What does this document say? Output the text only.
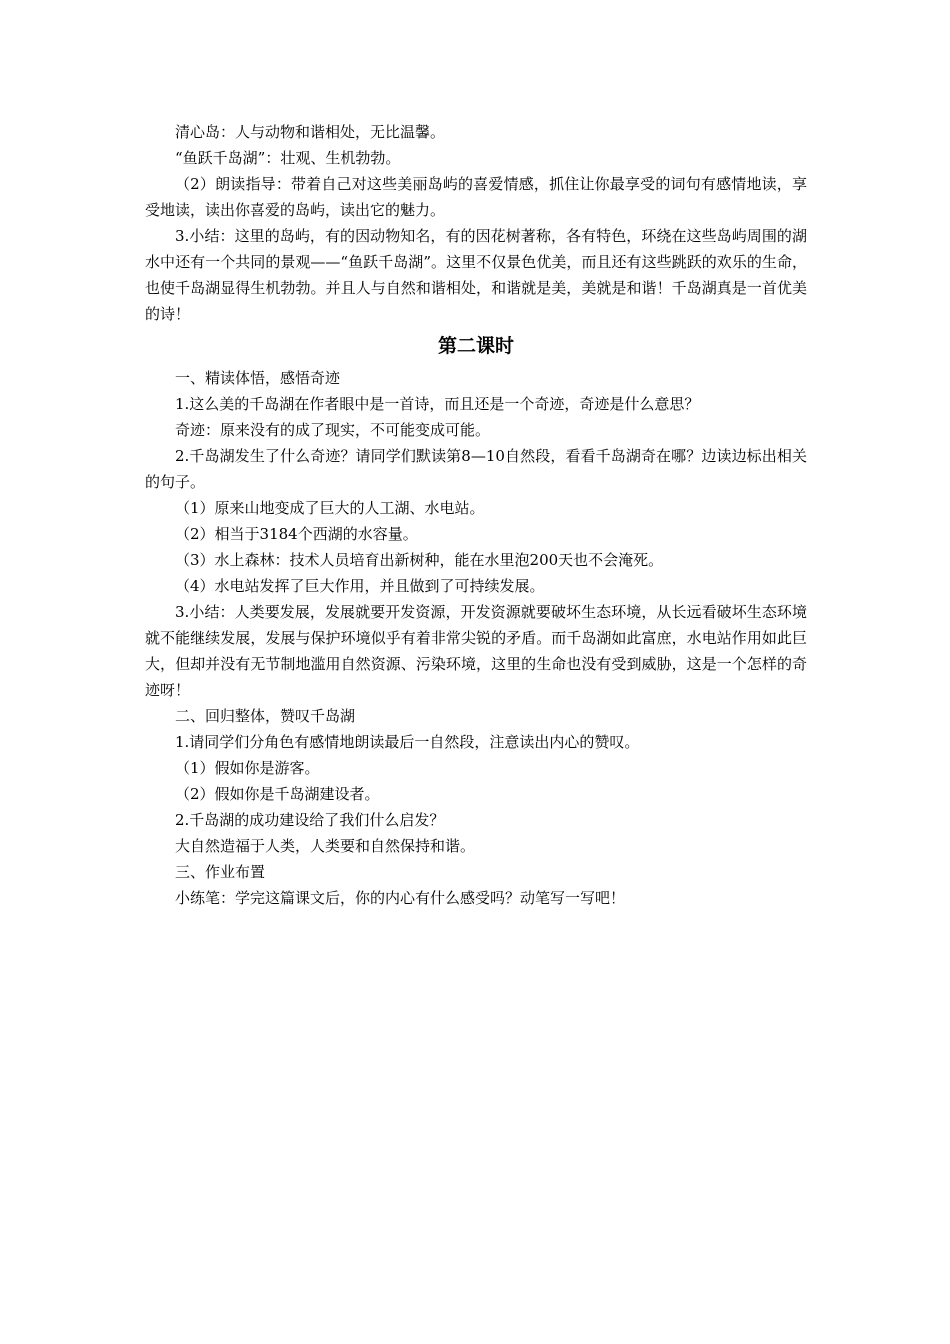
清心岛：人与动物和谐相处，无比温馨。

“鱼跃千岛湖”：壮观、生机勃勃。

（2）朗读指导：带着自己对这些美丽岛屿的喜爱情感，抓住让你最享受的词句有感情地读，享受地读，读出你喜爱的岛屿，读出它的魅力。

3.小结：这里的岛屿，有的因动物知名，有的因花树著称，各有特色，环绕在这些岛屿周围的湖水中还有一个共同的景观——“鱼跃千岛湖”。这里不仅景色优美，而且还有这些跳跃的欢乐的生命，也使千岛湖显得生机勃勃。并且人与自然和谐相处，和谐就是美，美就是和谐！千岛湖真是一首优美的诗！

第二课时

一、精读体悟，感悟奇迹

1.这么美的千岛湖在作者眼中是一首诗，而且还是一个奇迹，奇迹是什么意思？

奇迹：原来没有的成了现实，不可能变成可能。

2.千岛湖发生了什么奇迹？请同学们默读第8—10自然段，看看千岛湖奇在哪？边读边标出相关的句子。

（1）原来山地变成了巨大的人工湖、水电站。

（2）相当于3184个西湖的水容量。

（3）水上森林：技术人员培育出新树种，能在水里泡200天也不会淹死。

（4）水电站发挥了巨大作用，并且做到了可持续发展。

3.小结：人类要发展，发展就要开发资源，开发资源就要破坏生态环境，从长远看破坏生态环境就不能继续发展，发展与保护环境似乎有着非常尖锐的矛盾。而千岛湖如此富庶，水电站作用如此巨大，但却并没有无节制地滥用自然资源、污染环境，这里的生命也没有受到威胁，这是一个怎样的奇迹呀！

二、回归整体，赞叹千岛湖

1.请同学们分角色有感情地朗读最后一自然段，注意读出内心的赞叹。

（1）假如你是游客。

（2）假如你是千岛湖建设者。

2.千岛湖的成功建设给了我们什么启发？

大自然造福于人类，人类要和自然保持和谐。

三、作业布置

小练笔：学完这篇课文后，你的内心有什么感受吗？动笔写一写吧！
